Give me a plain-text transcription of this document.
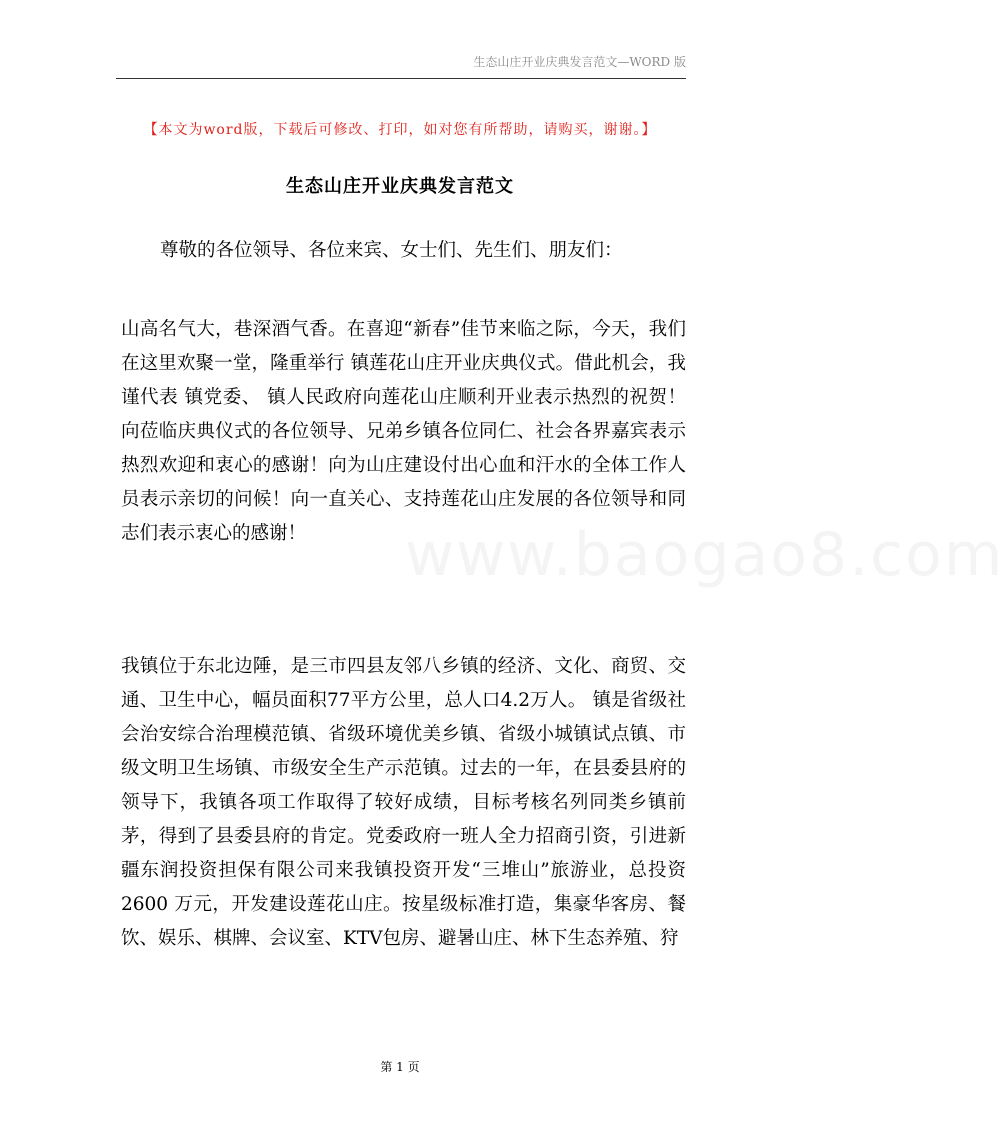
生态山庄开业庆典发言范文—WORD 版
【本文为word版，下载后可修改、打印，如对您有所帮助，请购买，谢谢。】
生态山庄开业庆典发言范文
尊敬的各位领导、各位来宾、女士们、先生们、朋友们：

山高名气大，巷深酒气香。在喜迎“新春”佳节来临之际，今天，我们在这里欢聚一堂，隆重举行 镇莲花山庄开业庆典仪式。借此机会，我谨代表 镇党委、 镇人民政府向莲花山庄顺利开业表示热烈的祝贺！向莅临庆典仪式的各位领导、兄弟乡镇各位同仁、社会各界嘉宾表示热烈欢迎和衷心的感谢！向为山庄建设付出心血和汗水的全体工作人员表示亲切的问候！向一直关心、支持莲花山庄发展的各位领导和同志们表示衷心的感谢！	www.baogao8.com

我镇位于东北边陲，是三市四县友邻八乡镇的经济、文化、商贸、交通、卫生中心，幅员面积77平方公里，总人口4.2万人。 镇是省级社会治安综合治理模范镇、省级环境优美乡镇、省级小城镇试点镇、市级文明卫生场镇、市级安全生产示范镇。过去的一年，在县委县府的领导下，我镇各项工作取得了较好成绩，目标考核名列同类乡镇前茅，得到了县委县府的肯定。党委政府一班人全力招商引资，引进新疆东润投资担保有限公司来我镇投资开发“三堆山”旅游业，总投资2600 万元，开发建设莲花山庄。按星级标准打造，集豪华客房、餐饮、娱乐、棋牌、会议室、KTV包房、避暑山庄、林下生态养殖、狩

第 1 页
